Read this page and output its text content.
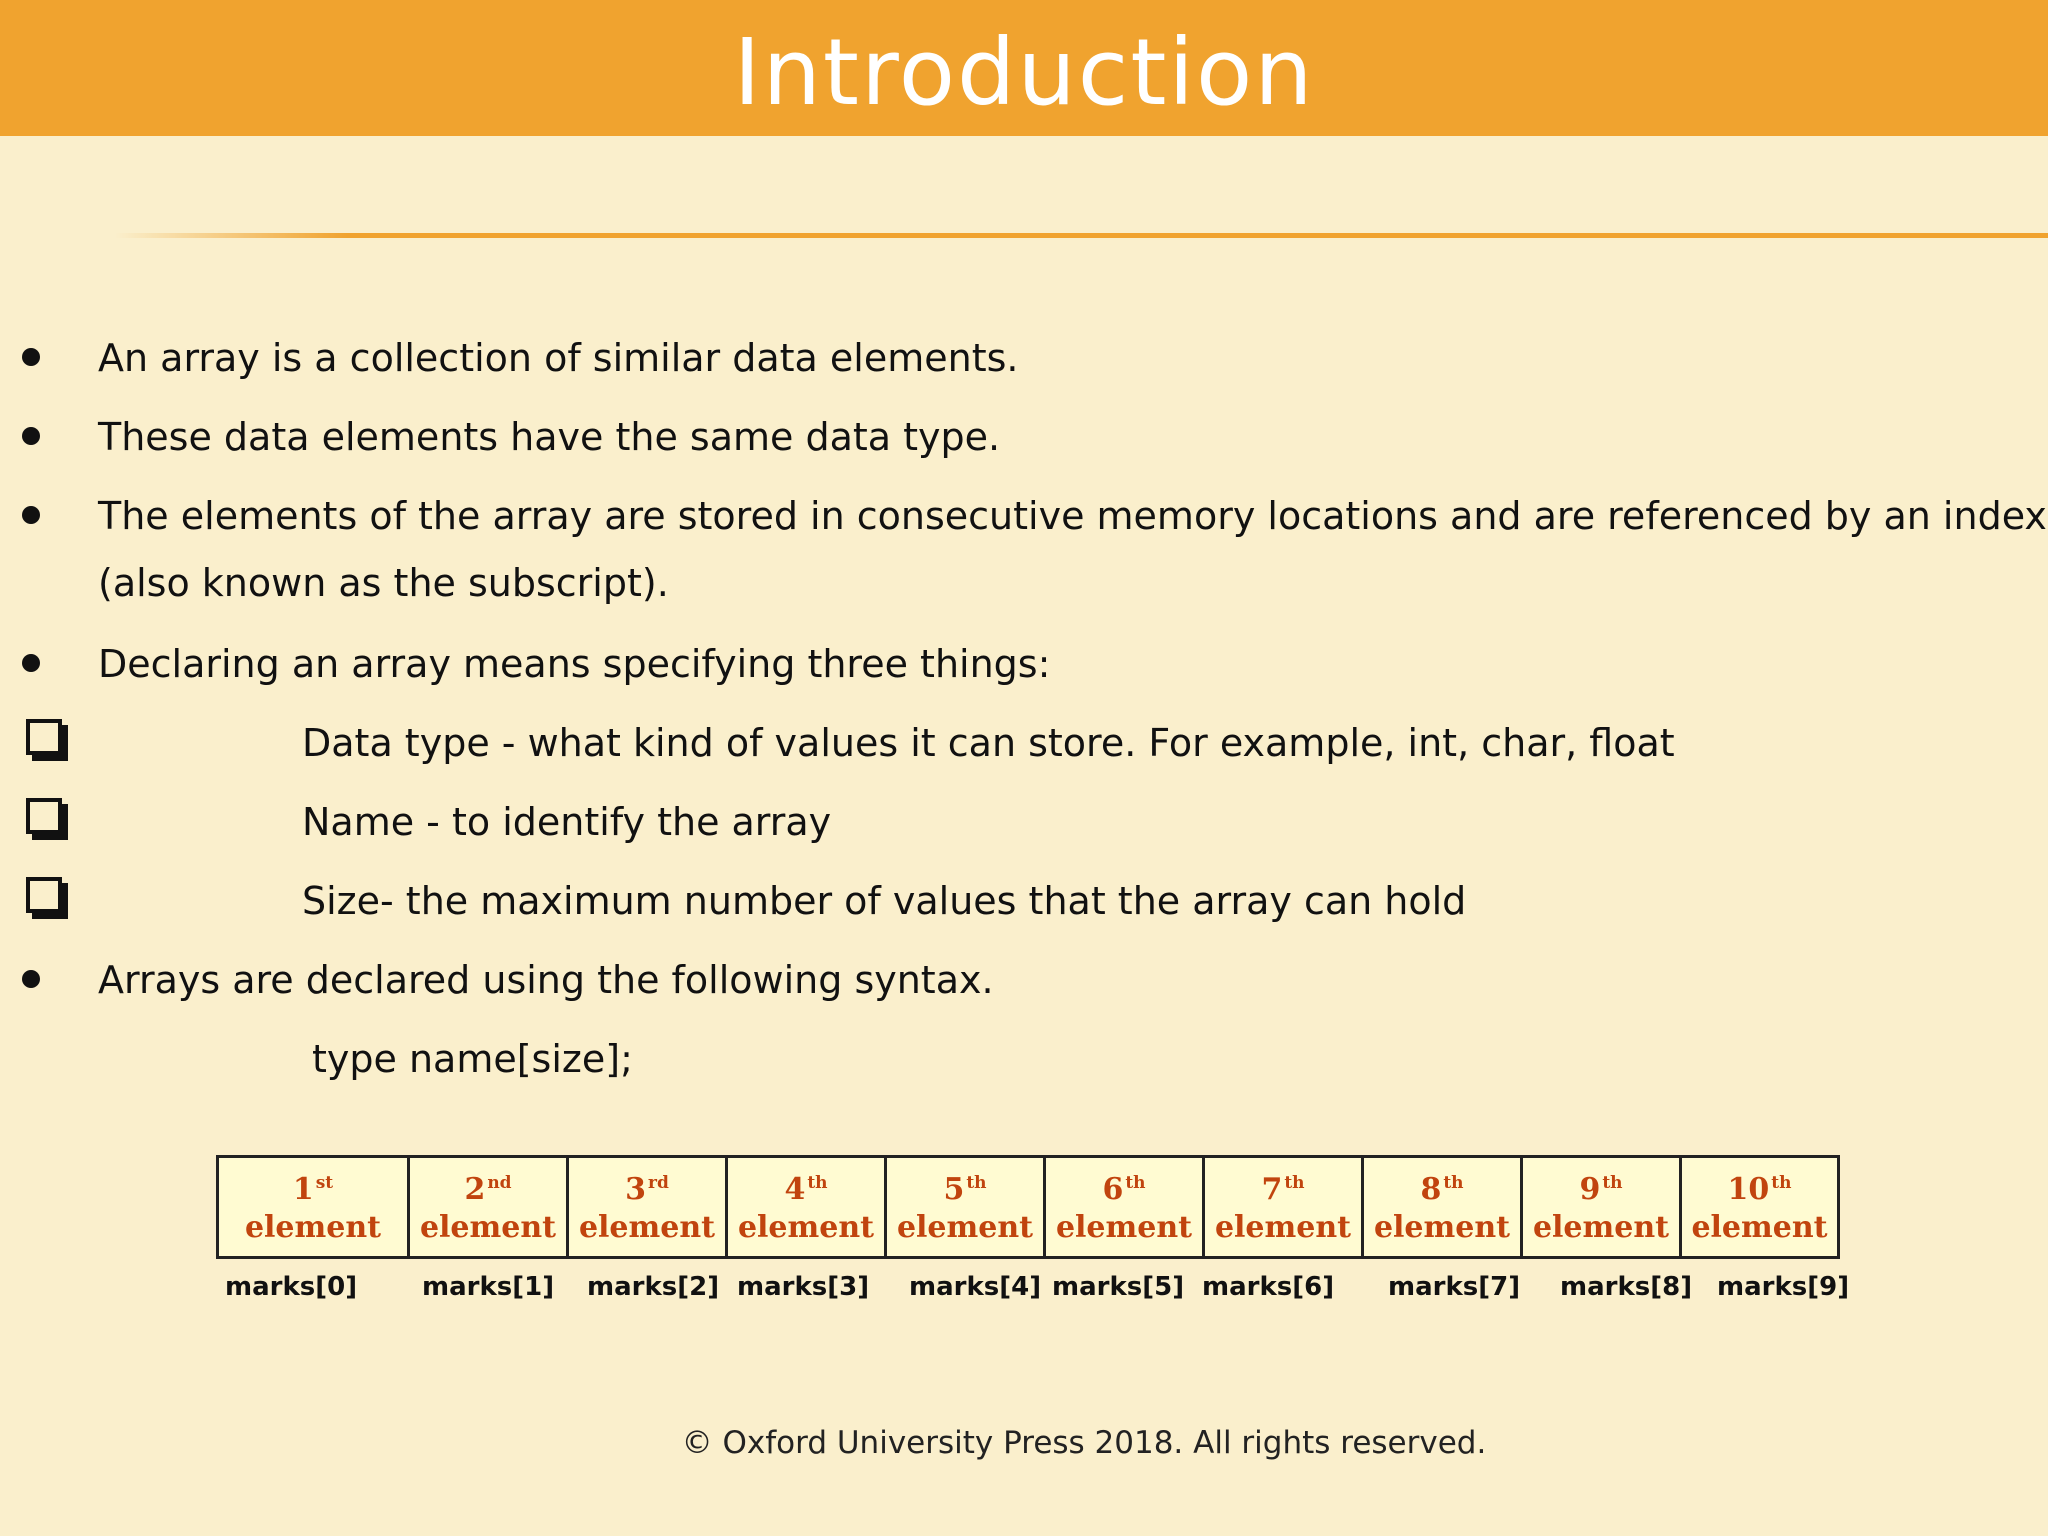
Introduction
An array is a collection of similar data elements.
These data elements have the same data type.
The elements of the array are stored in consecutive memory locations and are referenced by an index
(also known as the subscript).
Declaring an array means specifying three things:
Data type - what kind of values it can store. For example, int, char, float
Name - to identify the array
Size- the maximum number of values that the array can hold
Arrays are declared using the following syntax.
type name[size];
1 $^{st}$
element
2 $^{nd}$
element
3 $^{rd}$
element
4 $^{th}$
element
5 $^{th}$
element
6 $^{th}$
element
7 $^{th}$
element
8 $^{th}$
element
9 $^{th}$
element
10 $^{th}$
element
marks[0] marks[1] marks[2] marks[3] marks[4] marks[5] marks[6] marks[7] marks[8] marks[9]
© Oxford University Press 2018. All rights reserved.
